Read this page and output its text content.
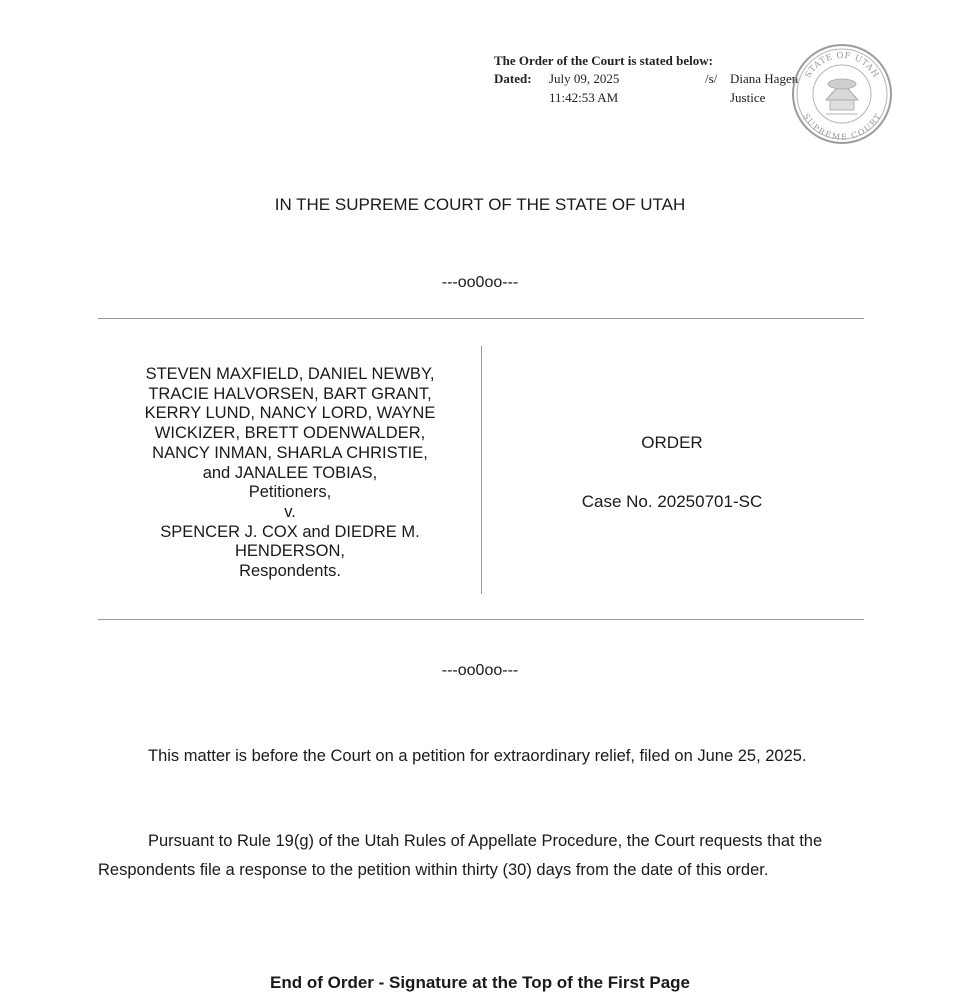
The Order of the Court is stated below:
Dated: July 09, 2025	/s/ Diana Hagen
11:42:53 AM	Justice
STATE OF UTAH
SUPREME COURT
IN THE SUPREME COURT OF THE STATE OF UTAH
---oo0oo---
STEVEN MAXFIELD, DANIEL NEWBY,
TRACIE HALVORSEN, BART GRANT,
KERRY LUND, NANCY LORD, WAYNE
WICKIZER, BRETT ODENWALDER,
NANCY INMAN, SHARLA CHRISTIE,
and JANALEE TOBIAS,
Petitioners,
v.
SPENCER J. COX and DIEDRE M.
HENDERSON,
Respondents.
ORDER
Case No. 20250701-SC
---oo0oo---
This matter is before the Court on a petition for extraordinary relief, filed on June 25, 2025.
Pursuant to Rule 19(g) of the Utah Rules of Appellate Procedure, the Court requests that the Respondents file a response to the petition within thirty (30) days from the date of this order.
End of Order - Signature at the Top of the First Page
